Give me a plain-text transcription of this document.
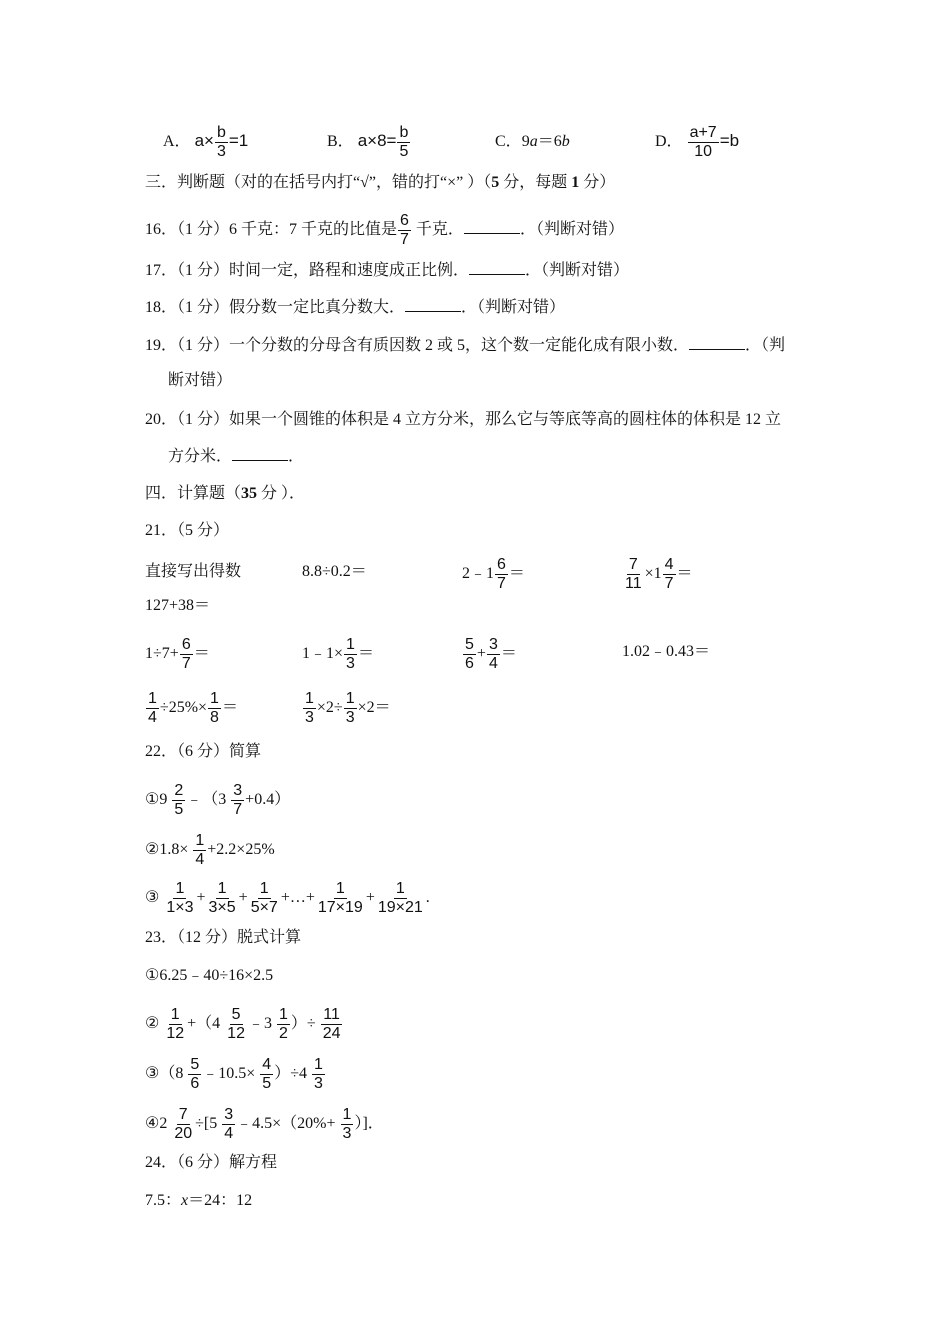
A． $a\times \frac{b}{3} =1$	B． $a\times 8= \frac{b}{5}$	C．9a＝6b	D． $\frac{a+7}{10} =b$
三．判断题（对的在括号内打“√”，错的打“×” ）（5 分，每题 1 分）
16．（1 分）6 千克：7 千克的比值是 $\frac{6}{7}$ 千克．	．（判断对错）
17．（1 分）时间一定，路程和速度成正比例．	．（判断对错）
18．（1 分）假分数一定比真分数大．	．（判断对错）
19．（1 分）一个分数的分母含有质因数 2 或 5，这个数一定能化成有限小数．	．（判
断对错）
20．（1 分）如果一个圆锥的体积是 4 立方分米，那么它与等底等高的圆柱体的体积是 12 立
方分米．	．
四．计算题（35 分 ）．
21．（5 分）
直接写出得数	8.8÷0.2＝	2﹣1 $\frac{6}{7}$ ＝	$\frac{7}{11} \times 1 \frac{4}{7}$ ＝
127+38＝
$1\div 7+ \frac{6}{7}$ ＝	1﹣1× $\frac{1}{3}$ ＝	$\frac{5}{6} + \frac{3}{4}$ ＝	1.02﹣0.43＝
$\frac{1}{4} \div 25\%\times \frac{1}{8}$ ＝	$\frac{1}{3} \times 2\div \frac{1}{3} \times 2=$
22．（6 分）简算
①9 $\frac{2}{5}$ ﹣（3 $\frac{3}{7} +0.4$）
②1.8× $\frac{1}{4} +2.2\times 25\%$
③ $\frac{1}{1\times 3} + \frac{1}{3\times 5} + \frac{1}{5\times 7}$ +…+ $\frac{1}{17\times 19} + \frac{1}{19\times 21}$ .
23．（12 分）脱式计算
①6.25﹣40÷16×2.5
② $\frac{1}{12} +(4 \frac{5}{12}$ ﹣3 $\frac{1}{2}$ ）÷ $\frac{11}{24}$
③（8 $\frac{5}{6}$ ﹣10.5× $\frac{4}{5} )\div 4 \frac{1}{3}$
④2 $\frac{7}{20} \div[5 \frac{3}{4}$ ﹣4.5×（20%+ $\frac{1}{3}$ ）]．
24．（6 分）解方程
7.5：x＝24：12
